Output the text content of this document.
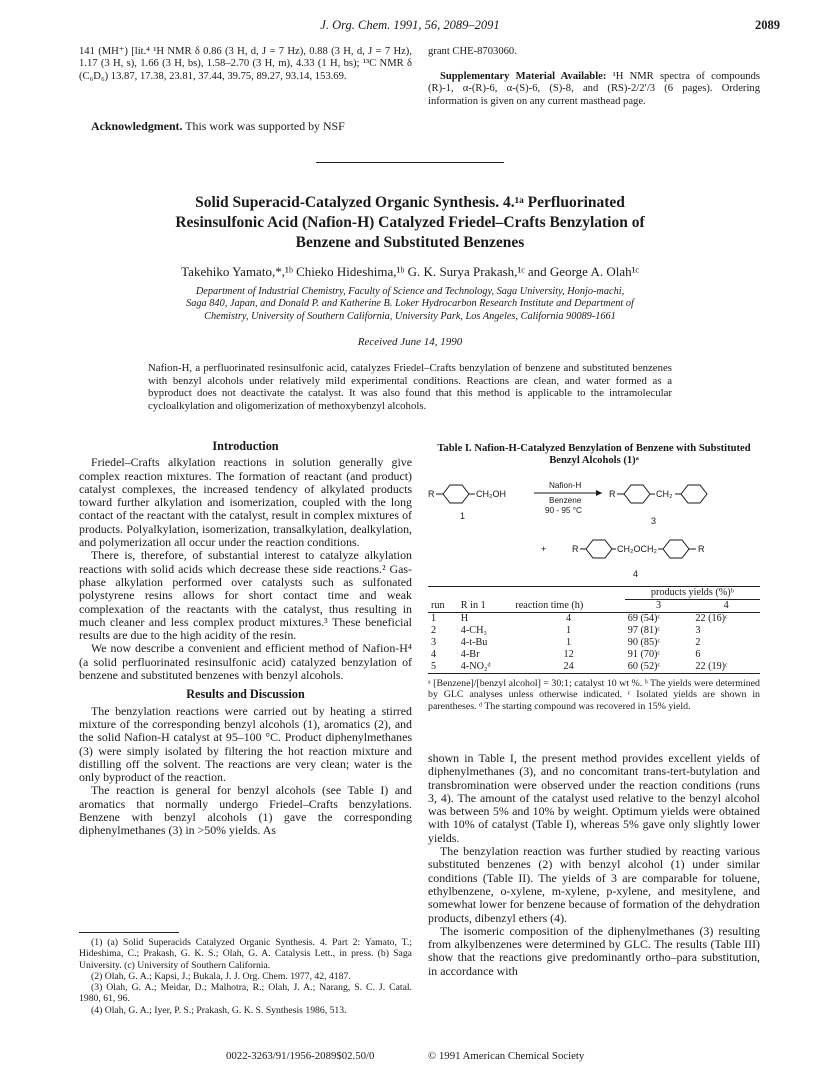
J. Org. Chem. 1991, 56, 2089–2091	2089

141 (MH⁺) [lit.⁴ ¹H NMR δ 0.86 (3 H, d, J = 7 Hz), 0.88 (3 H, d, J = 7 Hz), 1.17 (3 H, s), 1.66 (3 H, bs), 1.58–2.70 (3 H, m), 4.33 (1 H, bs); ¹³C NMR δ (C₆D₆) 13.87, 17.38, 23.81, 37.44, 39.75, 89.27, 93.14, 153.69.

Acknowledgment. This work was supported by NSF
grant CHE-8703060.
Supplementary Material Available: ¹H NMR spectra of compounds (R)-1, α-(R)-6, α-(S)-6, (S)-8, and (RS)-2/2′/3 (6 pages). Ordering information is given on any current masthead page.
Solid Superacid-Catalyzed Organic Synthesis. 4.¹ᵃ Perfluorinated
Resinsulfonic Acid (Nafion-H) Catalyzed Friedel–Crafts Benzylation of
Benzene and Substituted Benzenes
Takehiko Yamato,*,¹ᵇ Chieko Hideshima,¹ᵇ G. K. Surya Prakash,¹ᶜ and George A. Olah¹ᶜ
Department of Industrial Chemistry, Faculty of Science and Technology, Saga University, Honjo-machi,
Saga 840, Japan, and Donald P. and Katherine B. Loker Hydrocarbon Research Institute and Department of
Chemistry, University of Southern California, University Park, Los Angeles, California 90089-1661
Received June 14, 1990
Nafion-H, a perfluorinated resinsulfonic acid, catalyzes Friedel–Crafts benzylation of benzene and substituted benzenes with benzyl alcohols under relatively mild experimental conditions. Reactions are clean, and water formed as a byproduct does not deactivate the catalyst. It was also found that this method is applicable to the intramolecular cycloalkylation and oligomerization of methoxybenzyl alcohols.

Introduction

Friedel–Crafts alkylation reactions in solution generally give complex reaction mixtures. The formation of reactant (and product) catalyst complexes, the increased tendency of alkylated products toward further alkylation and isomerization, coupled with the long contact of the reactant with the catalyst, result in complex mixtures of products. Polyalkylation, isomerization, transalkylation, dealkylation, and polymerization all occur under the reaction conditions.

There is, therefore, of substantial interest to catalyze alkylation reactions with solid acids which decrease these side reactions.² Gas-phase alkylation performed over catalysts such as sulfonated polystyrene resins allows for short contact time and weak complexation of the reactants with the catalyst, thus resulting in much cleaner and less complex product mixtures.³ These beneficial results are due to the high acidity of the resin.

We now describe a convenient and efficient method of Nafion-H⁴ (a solid perfluorinated resinsulfonic acid) catalyzed benzylation of benzene and substituted benzenes with benzyl alcohols.

Results and Discussion

The benzylation reactions were carried out by heating a stirred mixture of the corresponding benzyl alcohols (1), aromatics (2), and the solid Nafion-H catalyst at 95–100 °C. Product diphenylmethanes (3) were simply isolated by filtering the hot reaction mixture and distilling off the solvent. The reactions are very clean; water is the only byproduct of the reaction.

The reaction is general for benzyl alcohols (see Table I) and aromatics that normally undergo Friedel–Crafts benzylations. Benzene with benzyl alcohols (1) gave the corresponding diphenylmethanes (3) in >50% yields. As

(1) (a) Solid Superacids Catalyzed Organic Synthesis. 4. Part 2: Yamato, T.; Hideshima, C.; Prakash, G. K. S.; Olah, G. A. Catalysis Lett., in press. (b) Saga University. (c) University of Southern California.

(2) Olah, G. A.; Kapsi, J.; Bukala, J. J. Org. Chem. 1977, 42, 4187.

(3) Olah, G. A.; Meidar, D.; Malhotra, R.; Olah, J. A.; Narang, S. C. J. Catal. 1980, 61, 96.

(4) Olah, G. A.; Iyer, P. S.; Prakash, G. K. S. Synthesis 1986, 513.

Table I. Nafion-H-Catalyzed Benzylation of Benzene with Substituted Benzyl Alcohols (1)ᵃ
R	CH₂OH
1
Nafion-H
Benzene
90 - 95 °C
R	CH₂
3
+	R	CH₂OCH₂	R
4
			products yields (%)ᵇ	
run	R in 1	reaction time (h)	3	4
1	H	4	69 (54)ᶜ	22 (16)ᶜ
2	4-CH₃	1	97 (81)ᶜ	3
3	4-t-Bu	1	90 (85)ᶜ	2
4	4-Br	12	91 (70)ᶜ	6
5	4-NO₂ᵈ	24	60 (52)ᶜ	22 (19)ᶜ
ᵃ [Benzene]/[benzyl alcohol] = 30:1; catalyst 10 wt %. ᵇ The yields were determined by GLC analyses unless otherwise indicated. ᶜ Isolated yields are shown in parentheses. ᵈ The starting compound was recovered in 15% yield.

shown in Table I, the present method provides excellent yields of diphenylmethanes (3), and no concomitant trans-tert-butylation and transbromination were observed under the reaction conditions (runs 3, 4). The amount of the catalyst used relative to the benzyl alcohol was between 5% and 10% by weight. Optimum yields were obtained with 10% of catalyst (Table I), whereas 5% gave only slightly lower yields.

The benzylation reaction was further studied by reacting various substituted benzenes (2) with benzyl alcohol (1) under similar conditions (Table II). The yields of 3 are comparable for toluene, ethylbenzene, o-xylene, m-xylene, p-xylene, and mesitylene, and somewhat lower for benzene because of formation of the dehydration products, dibenzyl ethers (4).

The isomeric composition of the diphenylmethanes (3) resulting from alkylbenzenes were determined by GLC. The results (Table III) show that the reactions give predominantly ortho–para substitution, in accordance with

0022-3263/91/1956-2089$02.50/0	© 1991 American Chemical Society
